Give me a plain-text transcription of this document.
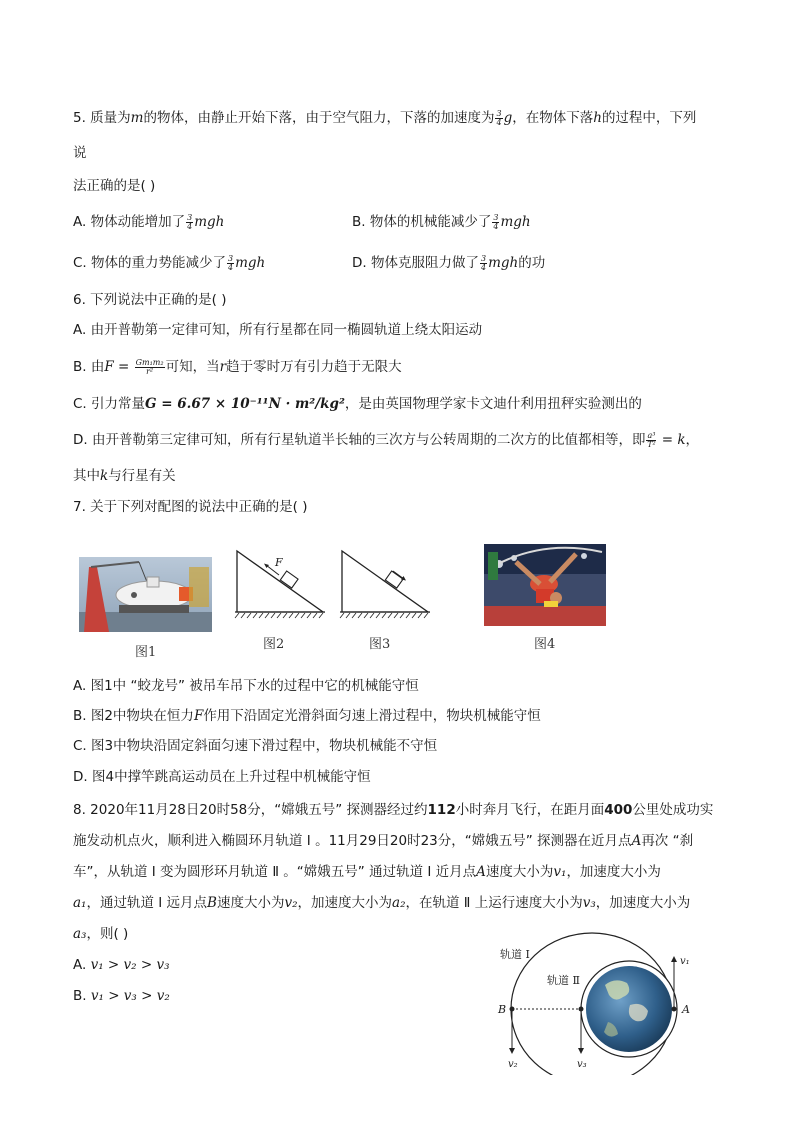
5. 质量为m的物体，由静止开始下落，由于空气阻力，下落的加速度为 $\frac{3}{4}$ g，在物体下落h的过程中，下列
说
法正确的是( )
A. 物体动能增加了 $\frac{3}{4}$ mgh	B. 物体的机械能减少了 $\frac{3}{4}$ mgh
C. 物体的重力势能减少了 $\frac{3}{4}$ mgh	D. 物体克服阻力做了 $\frac{3}{4}$ mgh的功
6. 下列说法中正确的是( )
A. 由开普勒第一定律可知，所有行星都在同一椭圆轨道上绕太阳运动
B. 由$F = \frac{\text{Gm₁m₂}}{\text{r²}}$ 可知，当r趋于零时万有引力趋于无限大
C. 引力常量G = 6.67 × 10⁻¹¹N · m²/kg²，是由英国物理学家卡文迪什利用扭秤实验测出的
D. 由开普勒第三定律可知，所有行星轨道半长轴的三次方与公转周期的二次方的比值都相等，即 $\frac{\text{a³}}{\text{T²}} = k$，
其中k与行星有关
7. 关于下列对配图的说法中正确的是( )
图1
F
图2	图3	图4
A. 图1中 “蛟龙号” 被吊车吊下水的过程中它的机械能守恒
B. 图2中物块在恒力F作用下沿固定光滑斜面匀速上滑过程中，物块机械能守恒
C. 图3中物块沿固定斜面匀速下滑过程中，物块机械能不守恒
D. 图4中撑竿跳高运动员在上升过程中机械能守恒
8. 2020年11月28日20时58分，“嫦娥五号” 探测器经过约112小时奔月飞行，在距月面400公里处成功实
施发动机点火，顺利进入椭圆环月轨道 Ⅰ 。11月29日20时23分，“嫦娥五号” 探测器在近月点A再次 “刹
车”，从轨道 Ⅰ 变为圆形环月轨道 Ⅱ 。“嫦娥五号” 通过轨道 Ⅰ 近月点A速度大小为v₁，加速度大小为
a₁，通过轨道 Ⅰ 远月点B速度大小为v₂，加速度大小为a₂，在轨道 Ⅱ 上运行速度大小为v₃，加速度大小为
a₃，则( )
A. v₁ > v₂ > v₃
B. v₁ > v₃ > v₂
轨道 Ⅰ
轨道 Ⅱ
B	A
v₂	v₃
v₁
